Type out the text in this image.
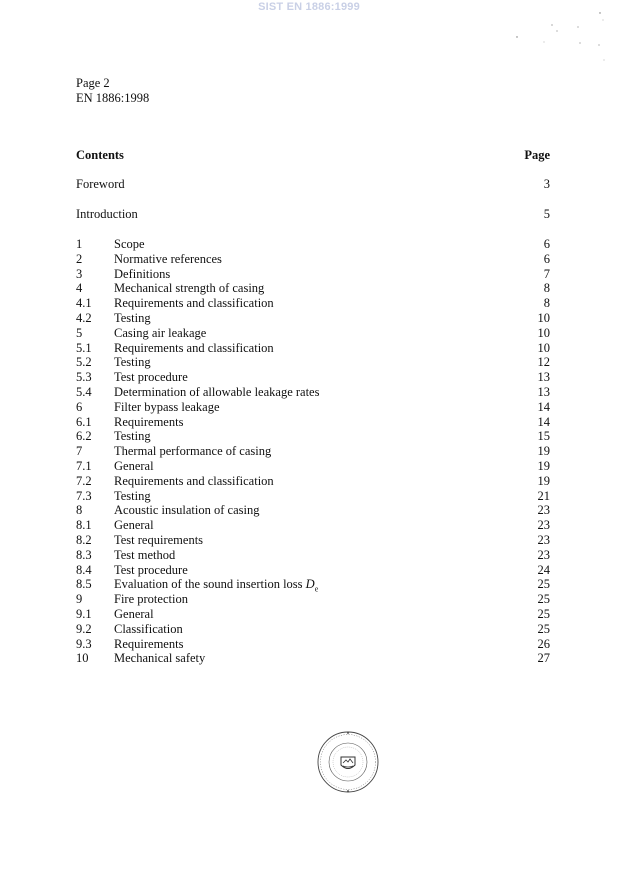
SIST EN 1886:1999
Page 2
EN 1886:1998
Contents	Page
Foreword	3
Introduction	5
1	Scope	6
2	Normative references	6
3	Definitions	7
4	Mechanical strength of casing	8
4.1	Requirements and classification	8
4.2	Testing	10
5	Casing air leakage	10
5.1	Requirements and classification	10
5.2	Testing	12
5.3	Test procedure	13
5.4	Determination of allowable leakage rates	13
6	Filter bypass leakage	14
6.1	Requirements	14
6.2	Testing	15
7	Thermal performance of casing	19
7.1	General	19
7.2	Requirements and classification	19
7.3	Testing	21
8	Acoustic insulation of casing	23
8.1	General	23
8.2	Test requirements	23
8.3	Test method	23
8.4	Test procedure	24
8.5	Evaluation of the sound insertion loss $D_e$	25
9	Fire protection	25
9.1	General	25
9.2	Classification	25
9.3	Requirements	26
10	Mechanical safety	27
